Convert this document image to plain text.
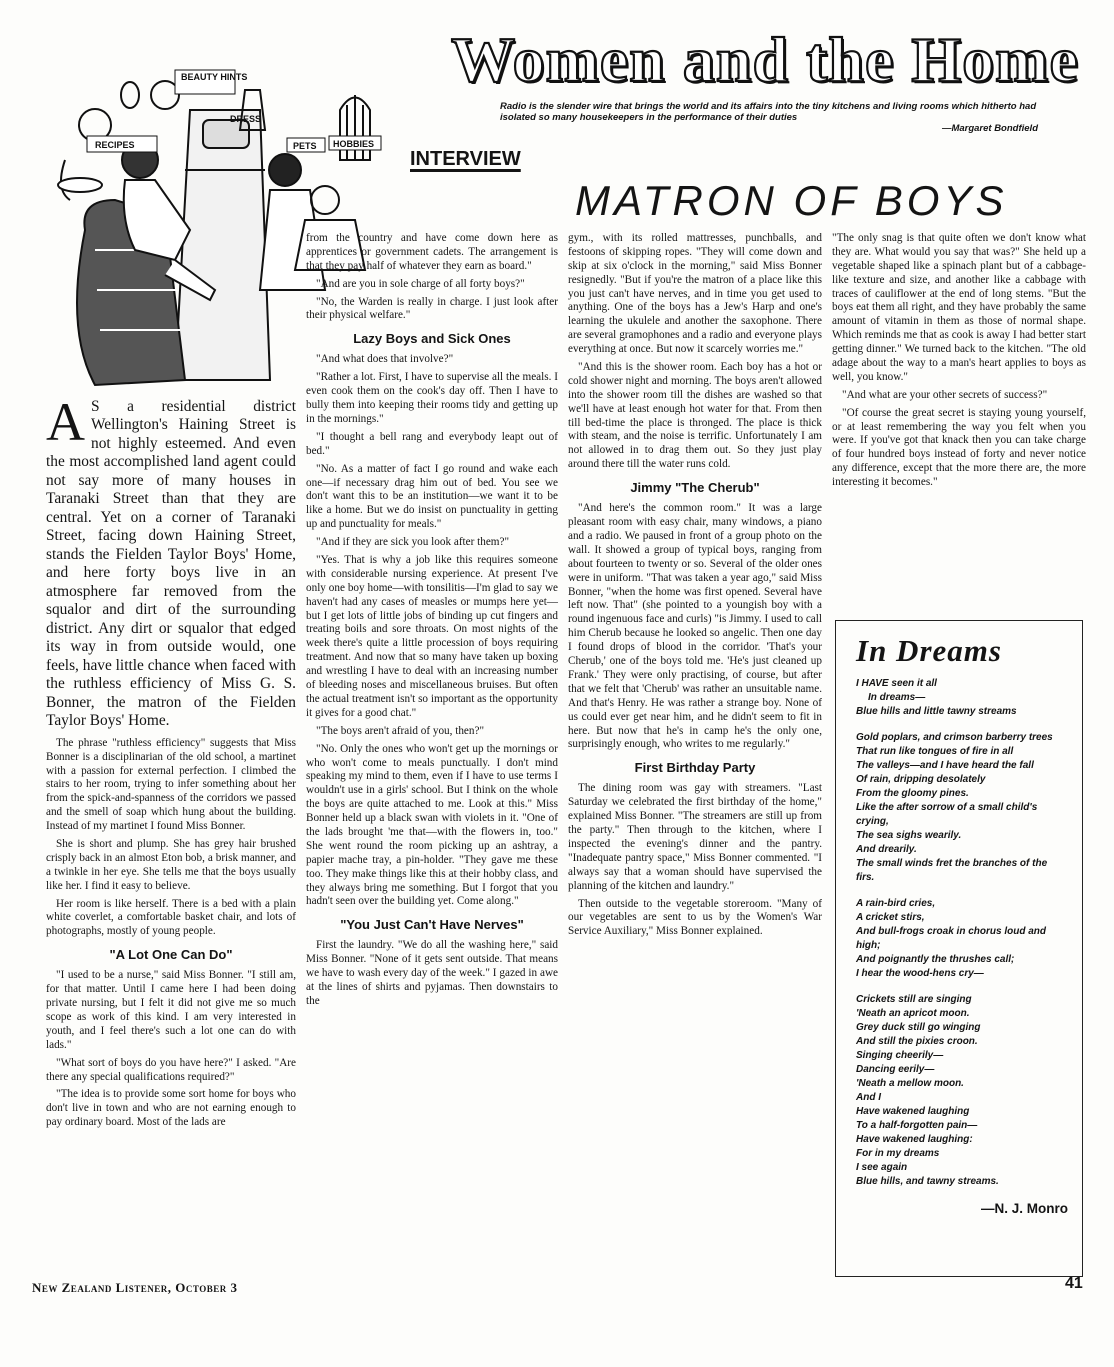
Women and the Home
Radio is the slender wire that brings the world and its affairs into the tiny kitchens and living rooms which hitherto had isolated so many housekeepers in the performance of their duties
—Margaret Bondfield
BEAUTY HINTS
DRESS
RECIPES	PETS HOBBIES
INTERVIEW
MATRON OF BOYS
A S a residential district Wellington's Haining Street is not highly esteemed. And even the most accomplished land agent could not say more of many houses in Taranaki Street than that they are central. Yet on a corner of Taranaki Street, facing down Haining Street, stands the Fielden Taylor Boys' Home, and here forty boys live in an atmosphere far removed from the squalor and dirt of the surrounding district. Any dirt or squalor that edged its way in from outside would, one feels, have little chance when faced with the ruthless efficiency of Miss G. S. Bonner, the matron of the Fielden Taylor Boys' Home.

The phrase "ruthless efficiency" suggests that Miss Bonner is a disciplinarian of the old school, a martinet with a passion for external perfection. I climbed the stairs to her room, trying to infer something about her from the spick-and-spanness of the corridors we passed and the smell of soap which hung about the building. Instead of my martinet I found Miss Bonner.

She is short and plump. She has grey hair brushed crisply back in an almost Eton bob, a brisk manner, and a twinkle in her eye. She tells me that the boys usually like her. I find it easy to believe.

Her room is like herself. There is a bed with a plain white coverlet, a comfortable basket chair, and lots of photographs, mostly of young people.

"A Lot One Can Do"

"I used to be a nurse," said Miss Bonner. "I still am, for that matter. Until I came here I had been doing private nursing, but I felt it did not give me so much scope as work of this kind. I am very interested in youth, and I feel there's such a lot one can do with lads."

"What sort of boys do you have here?" I asked. "Are there any special qualifications required?"

"The idea is to provide some sort home for boys who don't live in town and who are not earning enough to pay ordinary board. Most of the lads are

from the country and have come down here as apprentices or government cadets. The arrangement is that they pay half of whatever they earn as board."

"And are you in sole charge of all forty boys?"

"No, the Warden is really in charge. I just look after their physical welfare."

Lazy Boys and Sick Ones

"And what does that involve?"

"Rather a lot. First, I have to supervise all the meals. I even cook them on the cook's day off. Then I have to bully them into keeping their rooms tidy and getting up in the mornings."

"I thought a bell rang and everybody leapt out of bed."

"No. As a matter of fact I go round and wake each one—if necessary drag him out of bed. You see we don't want this to be an institution—we want it to be like a home. But we do insist on punctuality in getting up and punctuality for meals."

"And if they are sick you look after them?"

"Yes. That is why a job like this requires someone with considerable nursing experience. At present I've only one boy home—with tonsilitis—I'm glad to say we haven't had any cases of measles or mumps here yet—but I get lots of little jobs of binding up cut fingers and treating boils and sore throats. On most nights of the week there's quite a little procession of boys requiring treatment. And now that so many have taken up boxing and wrestling I have to deal with an increasing number of bleeding noses and miscellaneous bruises. But often the actual treatment isn't so important as the opportunity it gives for a good chat."

"The boys aren't afraid of you, then?"

"No. Only the ones who won't get up the mornings or who won't come to meals punctually. I don't mind speaking my mind to them, even if I have to use terms I wouldn't use in a girls' school. But I think on the whole the boys are quite attached to me. Look at this." Miss Bonner held up a black swan with violets in it. "One of the lads brought 'me that—with the flowers in, too." She went round the room picking up an ashtray, a papier mache tray, a pin-holder. "They gave me these too. They make things like this at their hobby class, and they always bring me something. But I forgot that you hadn't seen over the building yet. Come along."

"You Just Can't Have Nerves"

First the laundry. "We do all the washing here," said Miss Bonner. "None of it gets sent outside. That means we have to wash every day of the week." I gazed in awe at the lines of shirts and pyjamas. Then downstairs to the

gym., with its rolled mattresses, punchballs, and festoons of skipping ropes. "They will come down and skip at six o'clock in the morning," said Miss Bonner resignedly. "But if you're the matron of a place like this you just can't have nerves, and in time you get used to anything. One of the boys has a Jew's Harp and one's learning the ukulele and another the saxophone. There are several gramophones and a radio and everyone plays everything at once. But now it scarcely worries me."

"And this is the shower room. Each boy has a hot or cold shower night and morning. The boys aren't allowed into the shower room till the dishes are washed so that we'll have at least enough hot water for that. From then till bed-time the place is thronged. The place is thick with steam, and the noise is terrific. Unfortunately I am not allowed in to drag them out. So they just play around there till the water runs cold.

Jimmy "The Cherub"

"And here's the common room." It was a large pleasant room with easy chair, many windows, a piano and a radio. We paused in front of a group photo on the wall. It showed a group of typical boys, ranging from about fourteen to twenty or so. Several of the older ones were in uniform. "That was taken a year ago," said Miss Bonner, "when the home was first opened. Several have left now. That" (she pointed to a youngish boy with a round ingenuous face and curls) "is Jimmy. I used to call him Cherub because he looked so angelic. Then one day I found drops of blood in the corridor. 'That's your Cherub,' one of the boys told me. 'He's just cleaned up Frank.' They were only practising, of course, but after that we felt that 'Cherub' was rather an unsuitable name. And that's Henry. He was rather a strange boy. None of us could ever get near him, and he didn't seem to fit in here. But now that he's in camp he's the only one, surprisingly enough, who writes to me regularly."

First Birthday Party

The dining room was gay with streamers. "Last Saturday we celebrated the first birthday of the home," explained Miss Bonner. "The streamers are still up from the party." Then through to the kitchen, where I inspected the evening's dinner and the pantry. "Inadequate pantry space," Miss Bonner commented. "I always say that a woman should have supervised the planning of the kitchen and laundry."

Then outside to the vegetable storeroom. "Many of our vegetables are sent to us by the Women's War Service Auxiliary," Miss Bonner explained.

"The only snag is that quite often we don't know what they are. What would you say that was?" She held up a vegetable shaped like a spinach plant but of a cabbage-like texture and size, and another like a cabbage with traces of cauliflower at the end of long stems. "But the boys eat them all right, and they have probably the same amount of vitamin in them as those of normal shape. Which reminds me that as cook is away I had better start getting dinner." We turned back to the kitchen. "The old adage about the way to a man's heart applies to boys as well, you know."

"And what are your other secrets of success?"

"Of course the great secret is staying young yourself, or at least remembering the way you felt when you were. If you've got that knack then you can take charge of four hundred boys instead of forty and never notice any difference, except that the more there are, the more interesting it becomes."

In Dreams
I HAVE seen it all
In dreams—
Blue hills and little tawny streams
Gold poplars, and crimson barberry trees
That run like tongues of fire in all
The valleys—and I have heard the fall
Of rain, dripping desolately
From the gloomy pines.
Like the after sorrow of a small child's crying,
The sea sighs wearily.
And drearily.
The small winds fret the branches of the firs.
A rain-bird cries,
A cricket stirs,
And bull-frogs croak in chorus loud and high;
And poignantly the thrushes call;
I hear the wood-hens cry—
Crickets still are singing
'Neath an apricot moon.
Grey duck still go winging
And still the pixies croon.
Singing cheerily—
Dancing eerily—
'Neath a mellow moon.
And I
Have wakened laughing
To a half-forgotten pain—
Have wakened laughing:
For in my dreams
I see again
Blue hills, and tawny streams.
—N. J. Monro
New Zealand Listener, October 3	41
